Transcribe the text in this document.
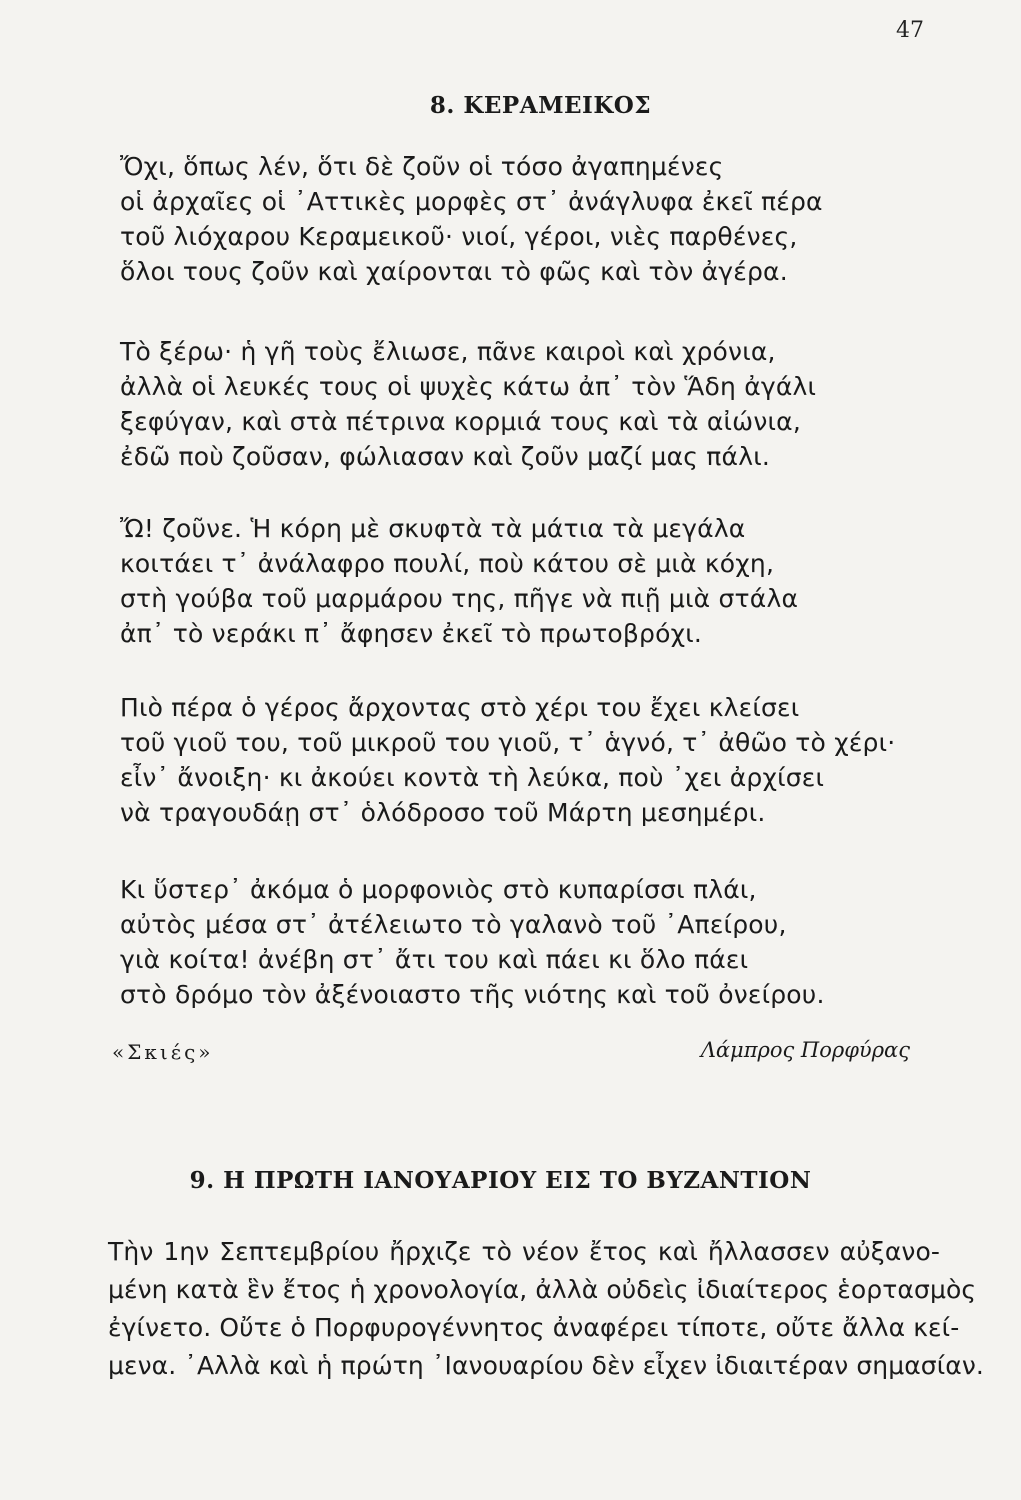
47
8. ΚΕΡΑΜΕΙΚΟΣ
Ὄχι, ὅπως λέν, ὅτι δὲ ζοῦν οἱ τόσο ἀγαπημένες
οἱ ἀρχαῖες οἱ ᾿Αττικὲς μορφὲς στ᾿ ἀνάγλυφα ἐκεῖ πέρα
τοῦ λιόχαρου Κεραμεικοῦ· νιοί, γέροι, νιὲς παρθένες,
ὅλοι τους ζοῦν καὶ χαίρονται τὸ φῶς καὶ τὸν ἀγέρα.
Τὸ ξέρω· ἡ γῆ τοὺς ἔλιωσε, πᾶνε καιροὶ καὶ χρόνια,
ἀλλὰ οἱ λευκές τους οἱ ψυχὲς κάτω ἀπ᾿ τὸν Ἅδη ἀγάλι
ξεφύγαν, καὶ στὰ πέτρινα κορμιά τους καὶ τὰ αἰώνια,
ἐδῶ ποὺ ζοῦσαν, φώλιασαν καὶ ζοῦν μαζί μας πάλι.
Ὤ! ζοῦνε. Ἡ κόρη μὲ σκυφτὰ τὰ μάτια τὰ μεγάλα
κοιτάει τ᾿ ἀνάλαφρο πουλί, ποὺ κάτου σὲ μιὰ κόχη,
στὴ γούβα τοῦ μαρμάρου της, πῆγε νὰ πιῇ μιὰ στάλα
ἀπ᾿ τὸ νεράκι π᾿ ἄφησεν ἐκεῖ τὸ πρωτοβρόχι.
Πιὸ πέρα ὁ γέρος ἄρχοντας στὸ χέρι του ἔχει κλείσει
τοῦ γιοῦ του, τοῦ μικροῦ του γιοῦ, τ᾿ ἁγνό, τ᾿ ἀθῶο τὸ χέρι·
εἶν᾿ ἄνοιξη· κι ἀκούει κοντὰ τὴ λεύκα, ποὺ ᾿χει ἀρχίσει
νὰ τραγουδάῃ στ᾿ ὁλόδροσο τοῦ Μάρτη μεσημέρι.
Κι ὕστερ᾿ ἀκόμα ὁ μορφονιὸς στὸ κυπαρίσσι πλάι,
αὐτὸς μέσα στ᾿ ἀτέλειωτο τὸ γαλανὸ τοῦ ᾿Απείρου,
γιὰ κοίτα! ἀνέβη στ᾿ ἄτι του καὶ πάει κι ὅλο πάει
στὸ δρόμο τὸν ἀξένοιαστο τῆς νιότης καὶ τοῦ ὀνείρου.
«Σκιές»	Λάμπρος Πορφύρας
9. Η ΠΡΩΤΗ ΙΑΝΟΥΑΡΙΟΥ ΕΙΣ ΤΟ ΒΥΖΑΝΤΙΟΝ
Τὴν 1ην Σεπτεμβρίου ἤρχιζε τὸ νέον ἔτος καὶ ἤλλασσεν αὐξανο-
μένη κατὰ ἓν ἔτος ἡ χρονολογία, ἀλλὰ οὐδεὶς ἰδιαίτερος ἑορτασμὸς
ἐγίνετο. Οὔτε ὁ Πορφυρογέννητος ἀναφέρει τίποτε, οὔτε ἄλλα κεί-
μενα. ᾿Αλλὰ καὶ ἡ πρώτη ᾿Ιανουαρίου δὲν εἶχεν ἰδιαιτέραν σημασίαν.
